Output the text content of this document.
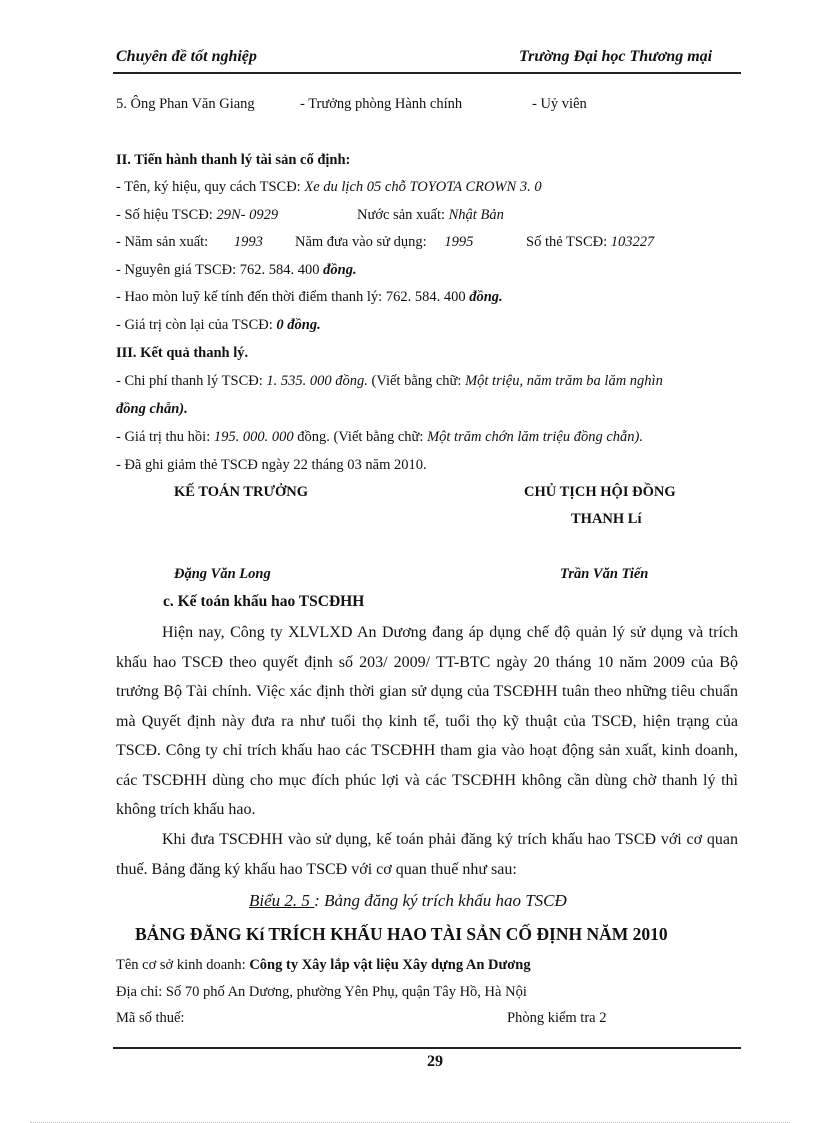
Chuyên đề tốt nghiệp	Trường Đại học Thương mại
5. Ông Phan Văn Giang	- Trưởng phòng Hành chính	- Uỷ viên
II. Tiến hành thanh lý tài sản cố định:
- Tên, ký hiệu, quy cách TSCĐ: Xe du lịch 05 chỗ TOYOTA CROWN 3. 0
- Số hiệu TSCĐ: 29N- 0929	Nước sản xuất: Nhật Bản
- Năm sản xuất: 1993 Năm đưa vào sử dụng: 1995	Số thẻ TSCĐ: 103227
- Nguyên giá TSCĐ: 762. 584. 400 đồng.
- Hao mòn luỹ kế tính đến thời điểm thanh lý: 762. 584. 400 đồng.
- Giá trị còn lại của TSCĐ: 0 đồng.
III. Kết quả thanh lý.
- Chi phí thanh lý TSCĐ: 1. 535. 000 đồng. (Viết bằng chữ: Một triệu, năm trăm ba lăm nghìn
đồng chẵn).
- Giá trị thu hồi: 195. 000. 000 đồng. (Viết bằng chữ: Một trăm chớn lăm triệu đồng chẵn).
- Đã ghi giảm thẻ TSCĐ ngày 22 tháng 03 năm 2010.
KẾ TOÁN TRƯỞNG	CHỦ TỊCH HỘI ĐỒNG
THANH Lí
Đặng Văn Long	Trần Văn Tiến
c. Kế toán khấu hao TSCĐHH
Hiện nay, Công ty XLVLXD An Dương đang áp dụng chế độ quản lý sử dụng và trích khấu hao TSCĐ theo quyết định số 203/ 2009/ TT-BTC ngày 20 tháng 10 năm 2009 của Bộ trưởng Bộ Tài chính. Việc xác định thời gian sử dụng của TSCĐHH tuân theo những tiêu chuẩn mà Quyết định này đưa ra như tuổi thọ kinh tế, tuổi thọ kỹ thuật của TSCĐ, hiện trạng của TSCĐ. Công ty chỉ trích khấu hao các TSCĐHH tham gia vào hoạt động sản xuất, kinh doanh, các TSCĐHH dùng cho mục đích phúc lợi và các TSCĐHH không cần dùng chờ thanh lý thì không trích khấu hao.
Khi đưa TSCĐHH vào sử dụng, kế toán phải đăng ký trích khấu hao TSCĐ với cơ quan thuế. Bảng đăng ký khấu hao TSCĐ với cơ quan thuế như sau:
Biểu 2. 5 : Bảng đăng ký trích khấu hao TSCĐ
BẢNG ĐĂNG Kí TRÍCH KHẤU HAO TÀI SẢN CỐ ĐỊNH NĂM 2010
Tên cơ sở kinh doanh: Công ty Xây lắp vật liệu Xây dựng An Dương
Địa chỉ: Số 70 phố An Dương, phường Yên Phụ, quận Tây Hồ, Hà Nội
Mã số thuế:	Phòng kiểm tra 2
29
